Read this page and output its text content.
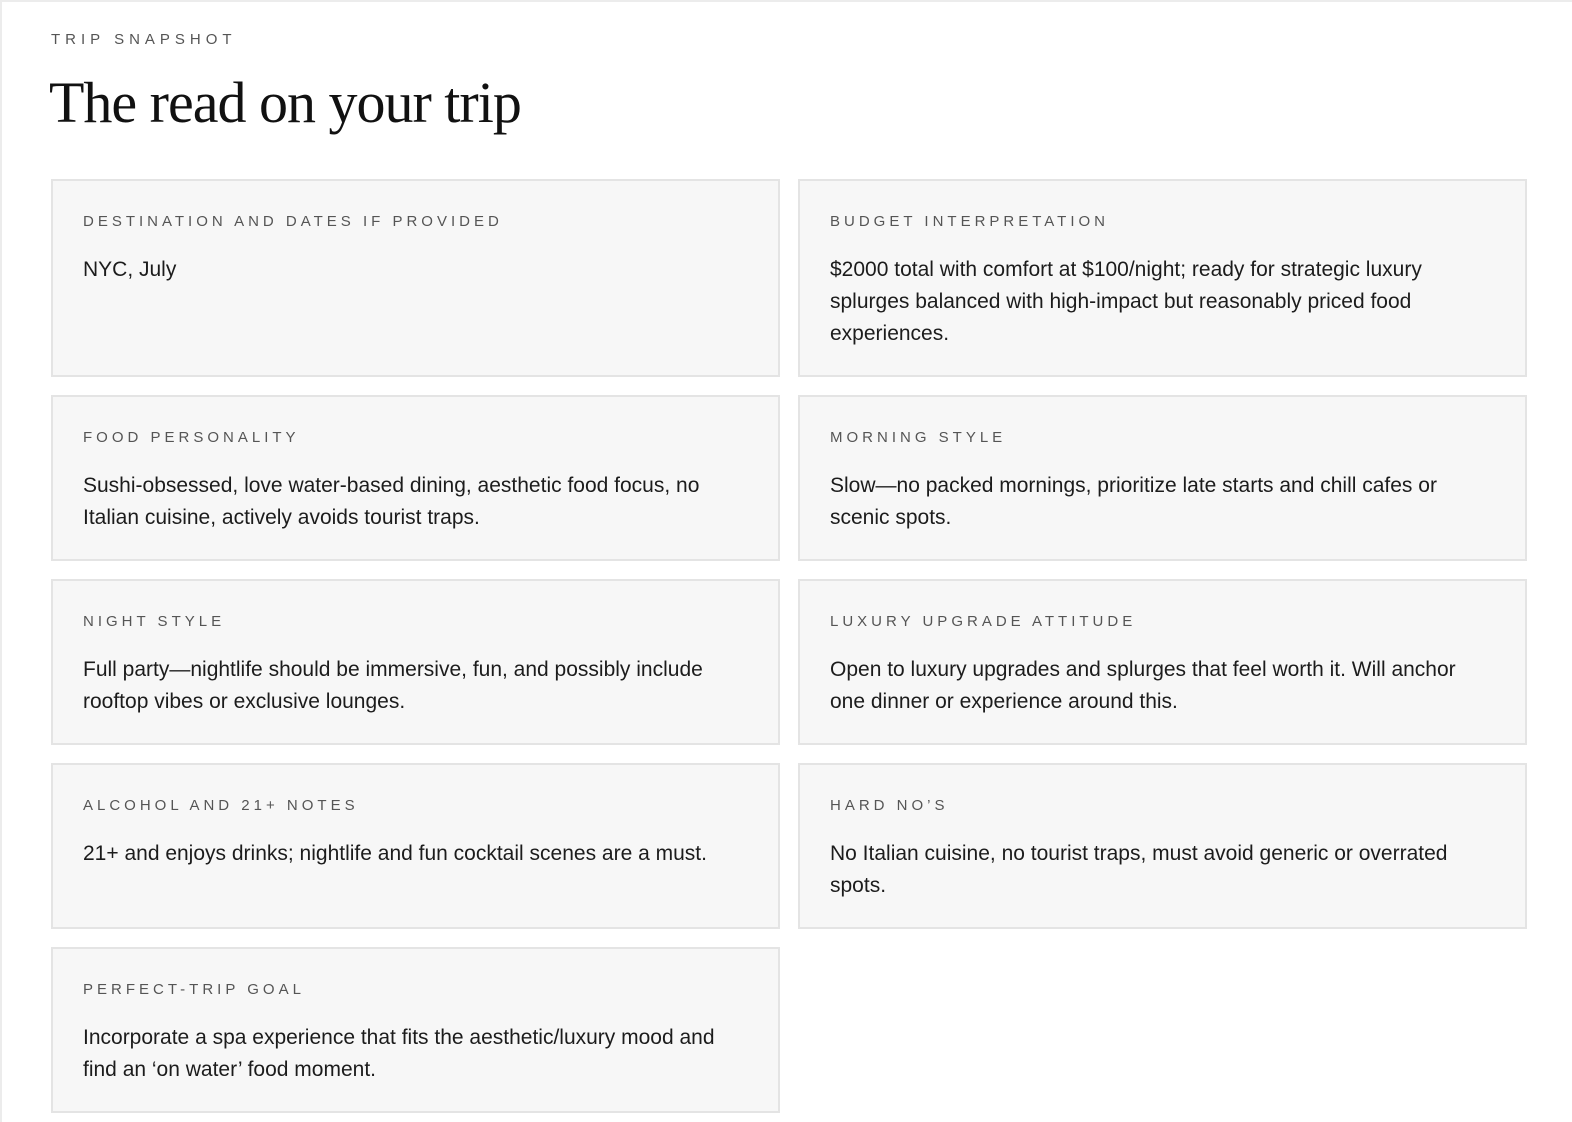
TRIP SNAPSHOT
The read on your trip
DESTINATION AND DATES IF PROVIDED
NYC, July
BUDGET INTERPRETATION
$2000 total with comfort at $100/night; ready for strategic luxury splurges balanced with high-impact but reasonably priced food experiences.
FOOD PERSONALITY
Sushi-obsessed, love water-based dining, aesthetic food focus, no Italian cuisine, actively avoids tourist traps.
MORNING STYLE
Slow—no packed mornings, prioritize late starts and chill cafes or scenic spots.
NIGHT STYLE
Full party—nightlife should be immersive, fun, and possibly include rooftop vibes or exclusive lounges.
LUXURY UPGRADE ATTITUDE
Open to luxury upgrades and splurges that feel worth it. Will anchor one dinner or experience around this.
ALCOHOL AND 21+ NOTES
21+ and enjoys drinks; nightlife and fun cocktail scenes are a must.
HARD NO’S
No Italian cuisine, no tourist traps, must avoid generic or overrated spots.
PERFECT-TRIP GOAL
Incorporate a spa experience that fits the aesthetic/luxury mood and find an ‘on water’ food moment.
